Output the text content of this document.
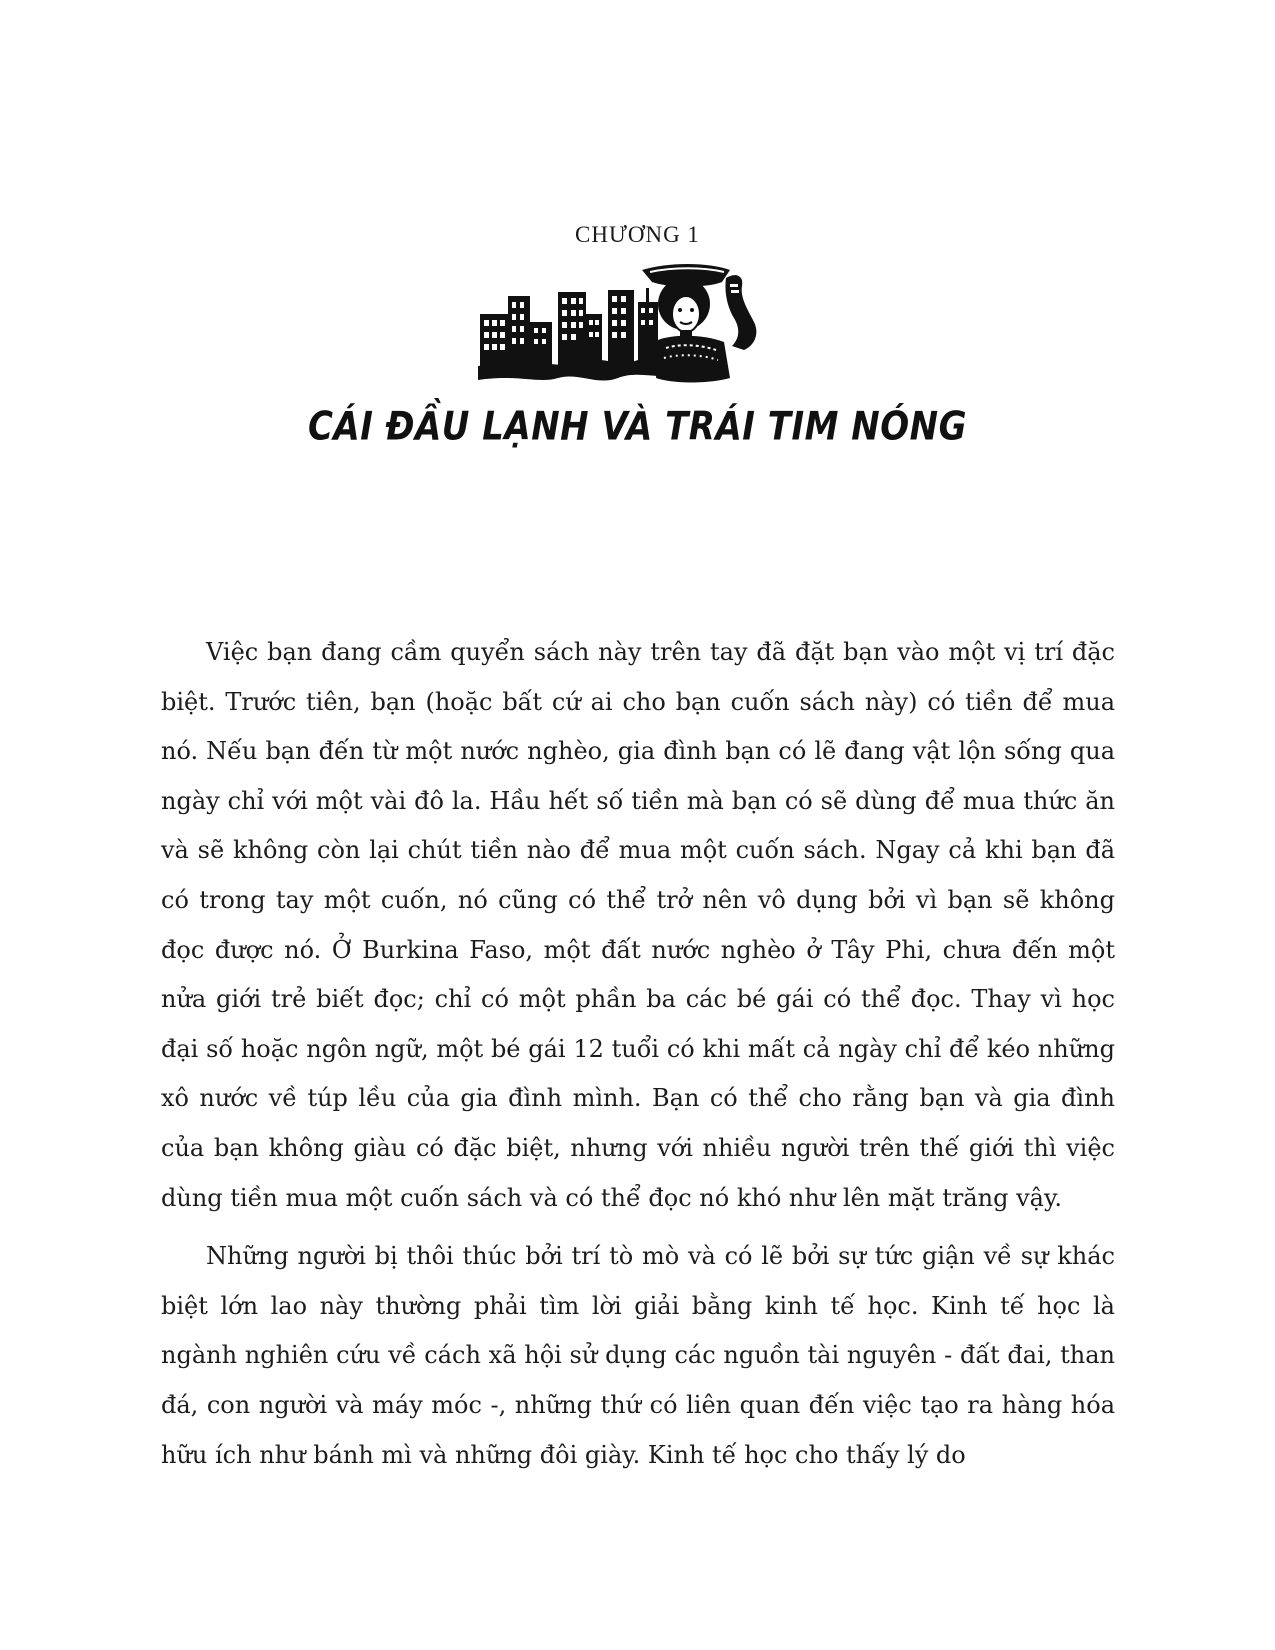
CHƯƠNG 1
CÁI ĐẦU LẠNH VÀ TRÁI TIM NÓNG

Việc bạn đang cầm quyển sách này trên tay đã đặt bạn vào một vị trí đặc biệt. Trước tiên, bạn (hoặc bất cứ ai cho bạn cuốn sách này) có tiền để mua nó. Nếu bạn đến từ một nước nghèo, gia đình bạn có lẽ đang vật lộn sống qua ngày chỉ với một vài đô la. Hầu hết số tiền mà bạn có sẽ dùng để mua thức ăn và sẽ không còn lại chút tiền nào để mua một cuốn sách. Ngay cả khi bạn đã có trong tay một cuốn, nó cũng có thể trở nên vô dụng bởi vì bạn sẽ không đọc được nó. Ở Burkina Faso, một đất nước nghèo ở Tây Phi, chưa đến một nửa giới trẻ biết đọc; chỉ có một phần ba các bé gái có thể đọc. Thay vì học đại số hoặc ngôn ngữ, một bé gái 12 tuổi có khi mất cả ngày chỉ để kéo những xô nước về túp lều của gia đình mình. Bạn có thể cho rằng bạn và gia đình của bạn không giàu có đặc biệt, nhưng với nhiều người trên thế giới thì việc dùng tiền mua một cuốn sách và có thể đọc nó khó như lên mặt trăng vậy.

Những người bị thôi thúc bởi trí tò mò và có lẽ bởi sự tức giận về sự khác biệt lớn lao này thường phải tìm lời giải bằng kinh tế học. Kinh tế học là ngành nghiên cứu về cách xã hội sử dụng các nguồn tài nguyên - đất đai, than đá, con người và máy móc -, những thứ có liên quan đến việc tạo ra hàng hóa hữu ích như bánh mì và những đôi giày. Kinh tế học cho thấy lý do
